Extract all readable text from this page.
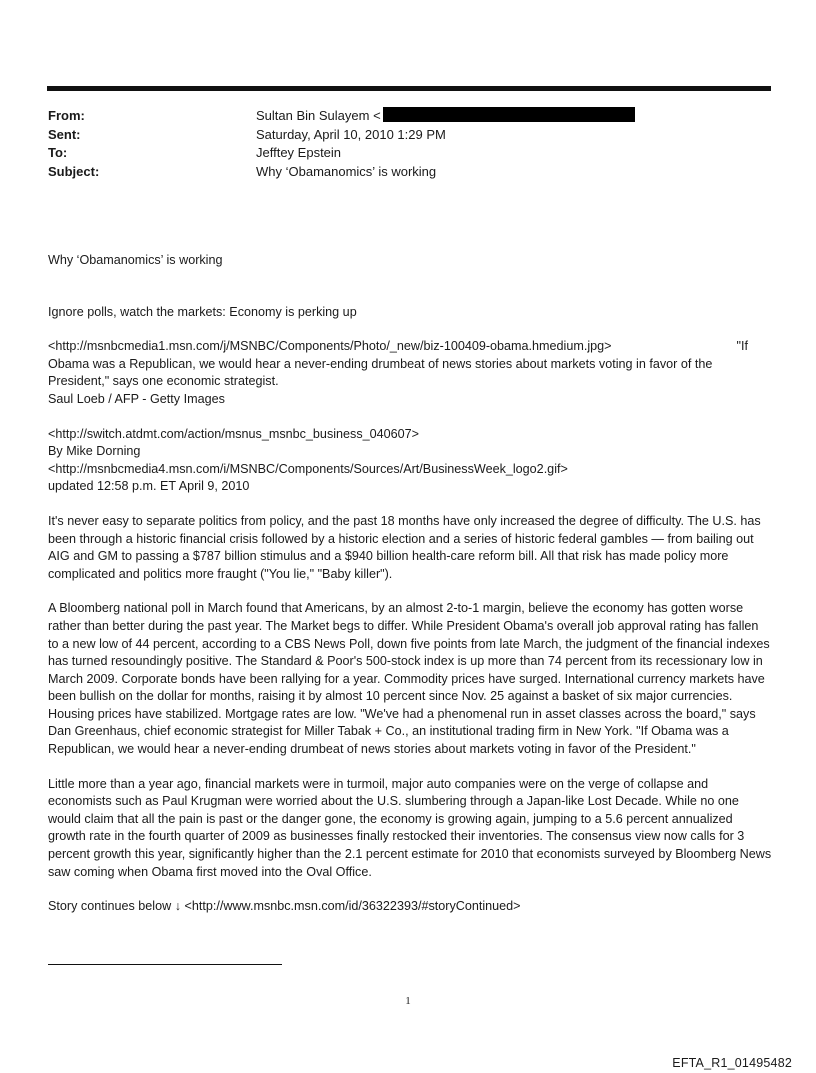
From:	Sultan Bin Sulayem <
Sent:	Saturday, April 10, 2010 1:29 PM
To:	Jefftey Epstein
Subject:	Why ‘Obamanomics’ is working

Why ‘Obamanomics’ is working

Ignore polls, watch the markets: Economy is perking up

<http://msnbcmedia1.msn.com/j/MSNBC/Components/Photo/_new/biz-100409-obama.hmedium.jpg>	"If

Obama was a Republican, we would hear a never-ending drumbeat of news stories about markets voting in favor of the President," says one economic strategist.

Saul Loeb / AFP - Getty Images

<http://switch.atdmt.com/action/msnus_msnbc_business_040607>

By Mike Dorning

<http://msnbcmedia4.msn.com/i/MSNBC/Components/Sources/Art/BusinessWeek_logo2.gif>

updated 12:58 p.m. ET April 9, 2010

It's never easy to separate politics from policy, and the past 18 months have only increased the degree of difficulty. The U.S. has been through a historic financial crisis followed by a historic election and a series of historic federal gambles — from bailing out AIG and GM to passing a $787 billion stimulus and a $940 billion health-care reform bill. All that risk has made policy more complicated and politics more fraught ("You lie," "Baby killer").

A Bloomberg national poll in March found that Americans, by an almost 2-to-1 margin, believe the economy has gotten worse rather than better during the past year. The Market begs to differ. While President Obama's overall job approval rating has fallen to a new low of 44 percent, according to a CBS News Poll, down five points from late March, the judgment of the financial indexes has turned resoundingly positive. The Standard & Poor's 500-stock index is up more than 74 percent from its recessionary low in March 2009. Corporate bonds have been rallying for a year. Commodity prices have surged. International currency markets have been bullish on the dollar for months, raising it by almost 10 percent since Nov. 25 against a basket of six major currencies. Housing prices have stabilized. Mortgage rates are low. "We've had a phenomenal run in asset classes across the board," says Dan Greenhaus, chief economic strategist for Miller Tabak + Co., an institutional trading firm in New York. "If Obama was a Republican, we would hear a never-ending drumbeat of news stories about markets voting in favor of the President."

Little more than a year ago, financial markets were in turmoil, major auto companies were on the verge of collapse and economists such as Paul Krugman were worried about the U.S. slumbering through a Japan-like Lost Decade. While no one would claim that all the pain is past or the danger gone, the economy is growing again, jumping to a 5.6 percent annualized growth rate in the fourth quarter of 2009 as businesses finally restocked their inventories. The consensus view now calls for 3 percent growth this year, significantly higher than the 2.1 percent estimate for 2010 that economists surveyed by Bloomberg News saw coming when Obama first moved into the Oval Office.

Story continues below ↓ <http://www.msnbc.msn.com/id/36322393/#storyContinued>

1
EFTA_R1_01495482
